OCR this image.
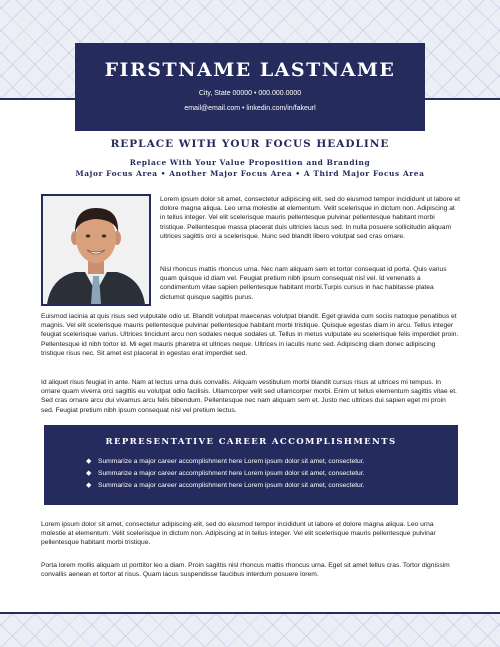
FIRSTNAME LASTNAME
City, State 00000 • 000.000.0000
email@email.com • linkedin.com/in/fakeurl
REPLACE WITH YOUR FOCUS HEADLINE
Replace With Your Value Proposition and Branding
Major Focus Area • Another Major Focus Area • A Third Major Focus Area
Lorem ipsum dolor sit amet, consectetur adipiscing elit, sed do eiusmod tempor incididunt ut labore et dolore magna aliqua. Leo urna molestie at elementum. Velit scelerisque in dictum non. Adipiscing at in tellus integer. Vel elit scelerisque mauris pellentesque pulvinar pellentesque habitant morbi tristique. Pellentesque massa placerat duis ultricies lacus sed. In nulla posuere sollicitudin aliquam ultrices sagittis orci a scelerisque. Nunc sed blandit libero volutpat sed cras ornare.
Nisl rhoncus mattis rhoncus urna. Nec nam aliquam sem et tortor consequat id porta. Quis varius quam quisque id diam vel. Feugiat pretium nibh ipsum consequat nisl vel. Id venenatis a condimentum vitae sapien pellentesque habitant morbi.Turpis cursus in hac habitasse platea dictumst quisque sagittis purus.
Euismod lacinia at quis risus sed vulputate odio ut. Blandit volutpat maecenas volutpat blandit. Eget gravida cum sociis natoque penatibus et magnis. Vel elit scelerisque mauris pellentesque pulvinar pellentesque habitant morbi tristique. Quisque egestas diam in arcu. Tellus integer feugiat scelerisque varius. Ultrices tincidunt arcu non sodales neque sodales ut. Tellus in metus vulputate eu scelerisque felis imperdiet proin. Pellentesque id nibh tortor id. Mi eget mauris pharetra et ultrices neque. Ultrices in iaculis nunc sed. Adipiscing diam donec adipiscing tristique risus nec. Sit amet est placerat in egestas erat imperdiet sed.
Id aliquet risus feugiat in ante. Nam at lectus urna duis convallis. Aliquam vestibulum morbi blandit cursus risus at ultrices mi tempus. In ornare quam viverra orci sagittis eu volutpat odio facilisis. Ullamcorper velit sed ullamcorper morbi. Enim ut tellus elementum sagittis vitae et. Sed cras ornare arcu dui vivamus arcu felis bibendum. Pellentesque nec nam aliquam sem et. Justo nec ultrices dui sapien eget mi proin sed. Feugiat pretium nibh ipsum consequat nisl vel pretium lectus.
REPRESENTATIVE CAREER ACCOMPLISHMENTS
◆ Summarize a major career accomplishment here Lorem ipsum dolor sit amet, consectetur.
◆ Summarize a major career accomplishment here Lorem ipsum dolor sit amet, consectetur.
◆ Summarize a major career accomplishment here Lorem ipsum dolor sit amet, consectetur.
Lorem ipsum dolor sit amet, consectetur adipiscing elit, sed do eiusmod tempor incididunt ut labore et dolore magna aliqua. Leo urna molestie at elementum. Velit scelerisque in dictum non. Adipiscing at in tellus integer. Vel elit scelerisque mauris pellentesque pulvinar pellentesque habitant morbi tristique.
Porta lorem mollis aliquam ut porttitor leo a diam. Proin sagittis nisl rhoncus mattis rhoncus urna. Eget sit amet tellus cras. Tortor dignissim convallis aenean et tortor at risus. Quam lacus suspendisse faucibus interdum posuere lorem.
